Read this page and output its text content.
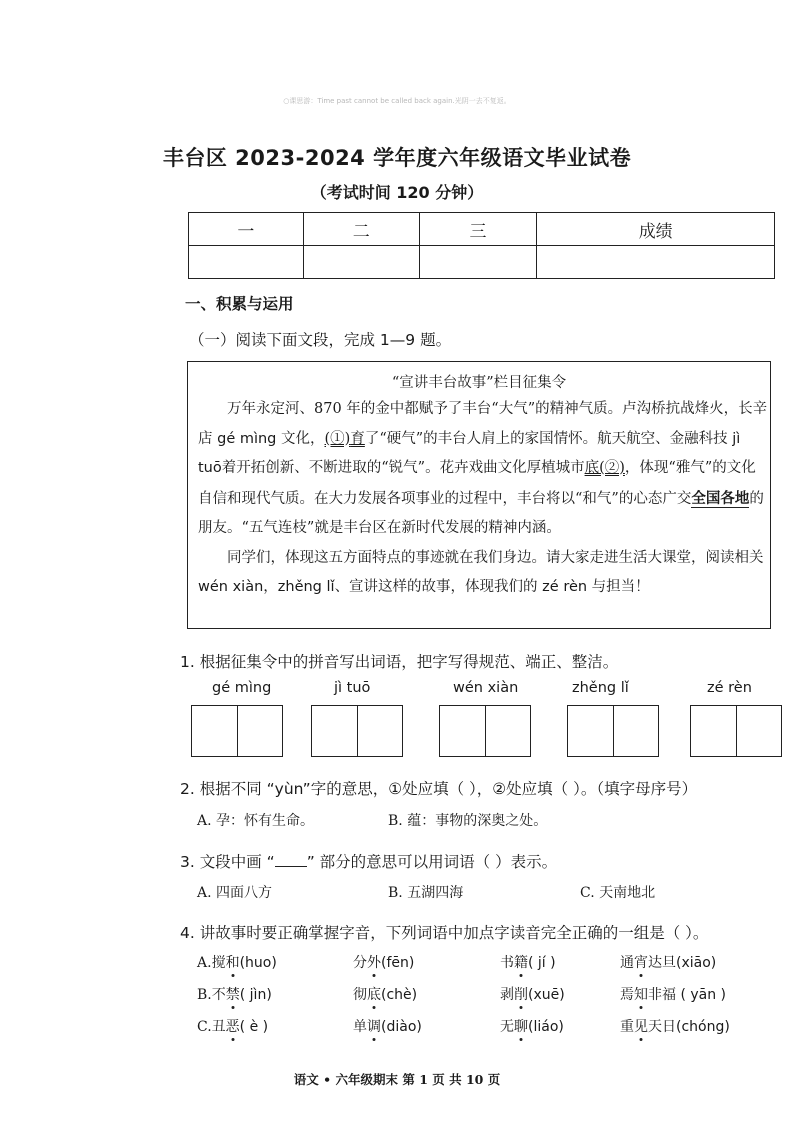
○课思游：Time past cannot be called back again.光阴一去不复返。
丰台区 2023-2024 学年度六年级语文毕业试卷
（考试时间 120 分钟）
一	二	三	成绩

一、积累与运用
（一）阅读下面文段，完成 1—9 题。
“宣讲丰台故事”栏目征集令

万年永定河、870 年的金中都赋予了丰台“大气”的精神气质。卢沟桥抗战烽火，长辛店 gé mìng 文化，(①)育了“硬气”的丰台人肩上的家国情怀。航天航空、金融科技 jì tuō着开拓创新、不断进取的“锐气”。花卉戏曲文化厚植城市底(②)，体现“雅气”的文化自信和现代气质。在大力发展各项事业的过程中，丰台将以“和气”的心态广交全国各地的朋友。“五气连枝”就是丰台区在新时代发展的精神内涵。

同学们，体现这五方面特点的事迹就在我们身边。请大家走进生活大课堂，阅读相关 wén xiàn，zhěng lǐ、宣讲这样的故事，体现我们的 zé rèn 与担当！

1. 根据征集令中的拼音写出词语，把字写得规范、端正、整洁。
gé mìng	jì tuō	wén xiàn	zhěng lǐ	zé rèn
2. 根据不同 “yùn”字的意思，①处应填（ ），②处应填（ ）。（填字母序号）
A. 孕：怀有生命。	B. 蕴：事物的深奥之处。
3. 文段中画 “ ” 部分的意思可以用词语（ ）表示。
A. 四面八方	B. 五湖四海	C. 天南地北
4. 讲故事时要正确掌握字音，下列词语中加点字读音完全正确的一组是（ ）。
A.搅和(huo)	分外(fēn)	书籍( jí )	通宵达旦(xiāo)
B.不禁( jìn)	彻底(chè)	剥削(xuē)	焉知非福 ( yān )
C.丑恶( è )	单调(diào)	无聊(liáo)	重见天日(chóng)
语文 • 六年级期末 第 1 页 共 10 页
